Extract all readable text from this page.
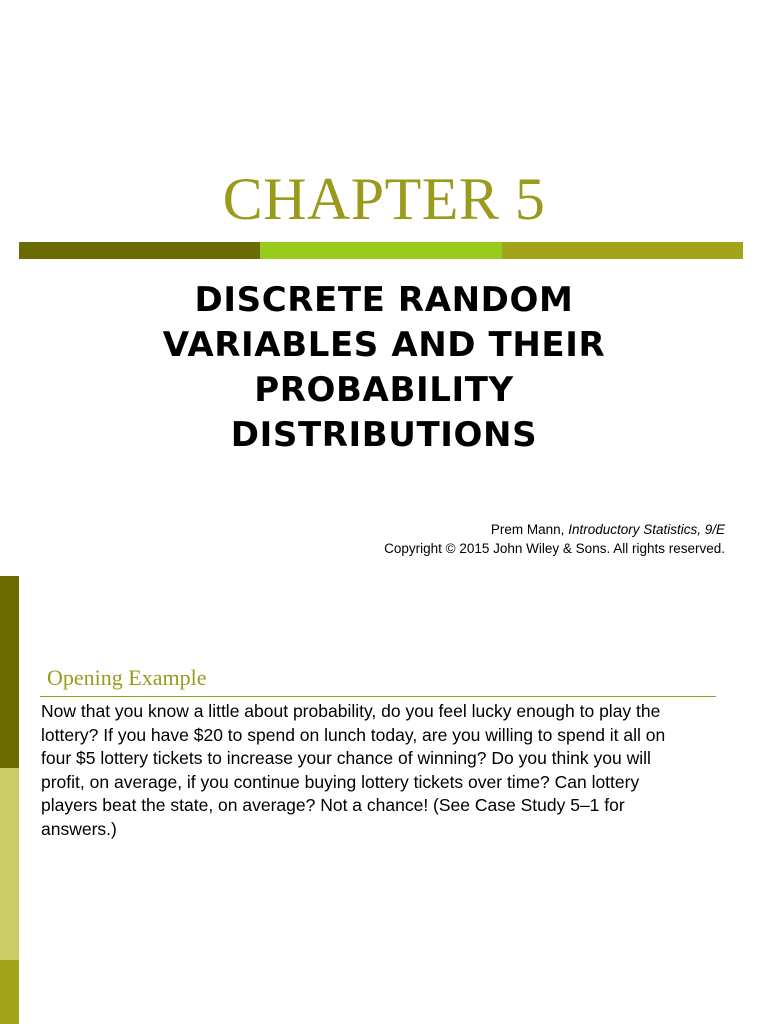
CHAPTER 5
DISCRETE RANDOM
VARIABLES AND THEIR
PROBABILITY
DISTRIBUTIONS
Prem Mann, Introductory Statistics, 9/E
Copyright © 2015 John Wiley & Sons. All rights reserved.
Opening Example
Now that you know a little about probability, do you feel lucky enough to play the
lottery? If you have $20 to spend on lunch today, are you willing to spend it all on
four $5 lottery tickets to increase your chance of winning? Do you think you will
profit, on average, if you continue buying lottery tickets over time? Can lottery
players beat the state, on average? Not a chance! (See Case Study 5–1 for
answers.)
